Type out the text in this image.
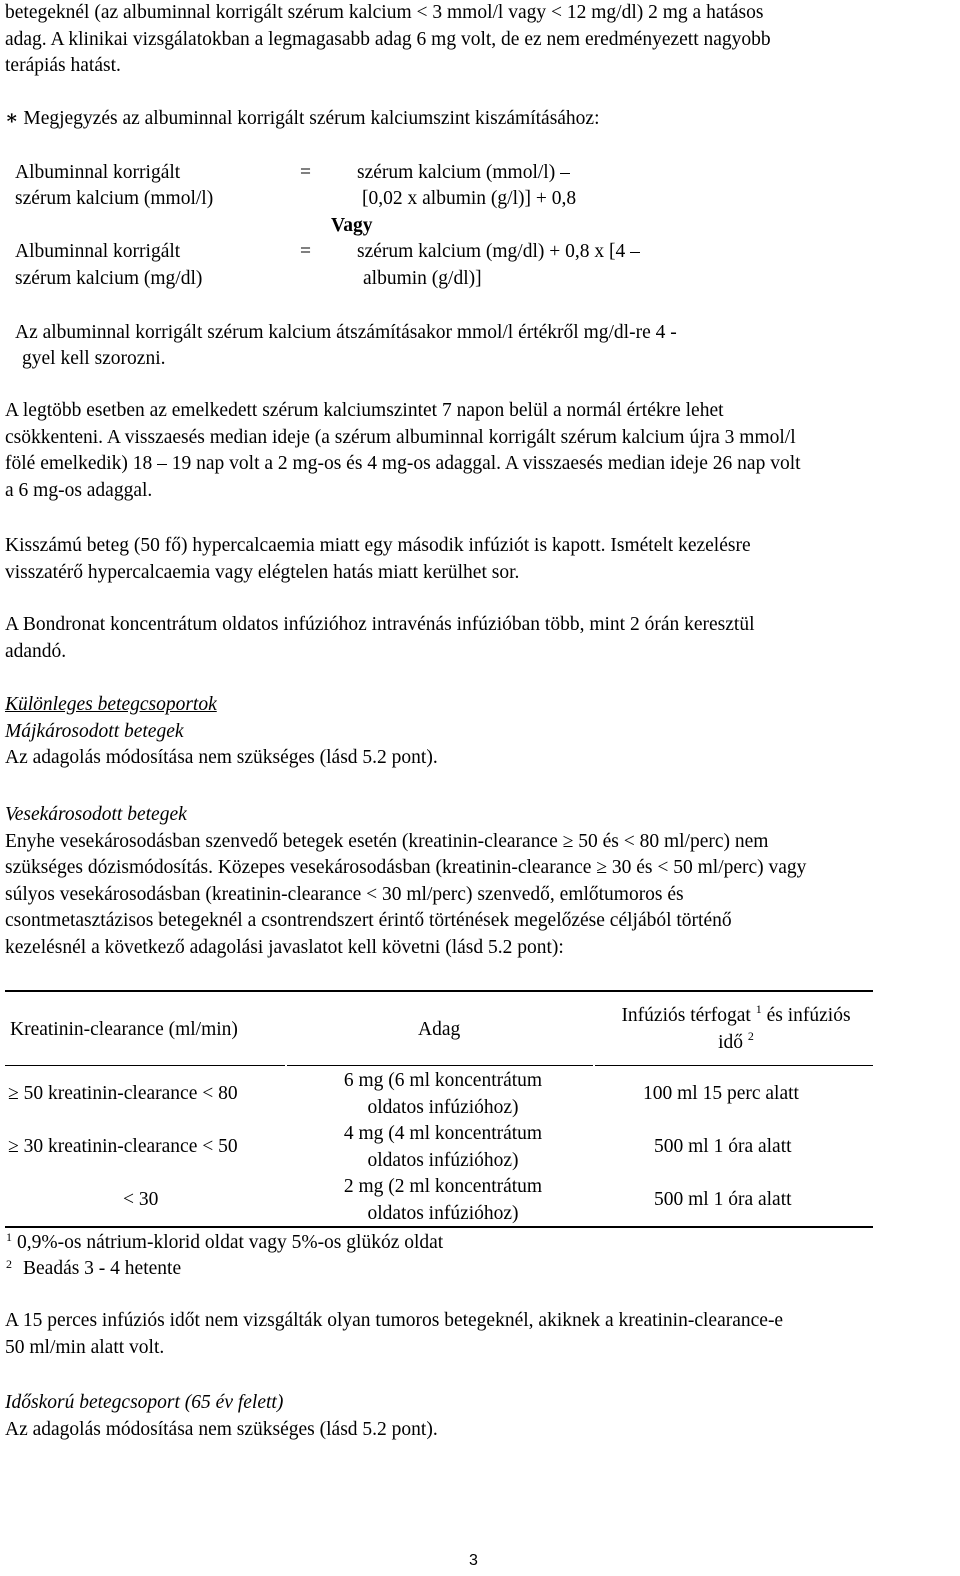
betegeknél (az albuminnal korrigált szérum kalcium < 3 mmol/l vagy < 12 mg/dl) 2 mg a hatásos
adag. A klinikai vizsgálatokban a legmagasabb adag 6 mg volt, de ez nem eredményezett nagyobb
terápiás hatást.
∗ Megjegyzés az albuminnal korrigált szérum kalciumszint kiszámításához:
Albuminnal korrigált
szérum kalcium (mmol/l)
= szérum kalcium (mmol/l) –
[0,02 x albumin (g/l)] + 0,8
Vagy
Albuminnal korrigált
szérum kalcium (mg/dl)
= szérum kalcium (mg/dl) + 0,8 x [4 –
albumin (g/dl)]
Az albuminnal korrigált szérum kalcium átszámításakor mmol/l értékről mg/dl-re 4 -
gyel kell szorozni.
A legtöbb esetben az emelkedett szérum kalciumszintet 7 napon belül a normál értékre lehet
csökkenteni. A visszaesés median ideje (a szérum albuminnal korrigált szérum kalcium újra 3 mmol/l
fölé emelkedik) 18 – 19 nap volt a 2 mg-os és 4 mg-os adaggal. A visszaesés median ideje 26 nap volt
a 6 mg-os adaggal.
Kisszámú beteg (50 fő) hypercalcaemia miatt egy második infúziót is kapott. Ismételt kezelésre
visszatérő hypercalcaemia vagy elégtelen hatás miatt kerülhet sor.
A Bondronat koncentrátum oldatos infúzióhoz intravénás infúzióban több, mint 2 órán keresztül
adandó.
Különleges betegcsoportok
Májkárosodott betegek
Az adagolás módosítása nem szükséges (lásd 5.2 pont).
Vesekárosodott betegek
Enyhe vesekárosodásban szenvedő betegek esetén (kreatinin-clearance ≥ 50 és < 80 ml/perc) nem
szükséges dózismódosítás. Közepes vesekárosodásban (kreatinin-clearance ≥ 30 és < 50 ml/perc) vagy
súlyos vesekárosodásban (kreatinin-clearance < 30 ml/perc) szenvedő, emlőtumoros és
csontmetasztázisos betegeknél a csontrendszert érintő történések megelőzése céljából történő
kezelésnél a következő adagolási javaslatot kell követni (lásd 5.2 pont):
Kreatinin-clearance (ml/min)	Adag
Infúziós térfogat $^1$ és infúziós
idő $^2$
≥ 50 kreatinin-clearance < 80
6 mg (6 ml koncentrátum
oldatos infúzióhoz)
100 ml 15 perc alatt
≥ 30 kreatinin-clearance < 50
4 mg (4 ml koncentrátum
oldatos infúzióhoz)
500 ml 1 óra alatt
< 30
2 mg (2 ml koncentrátum
oldatos infúzióhoz)
500 ml 1 óra alatt
1 0,9%-os nátrium-klorid oldat vagy 5%-os glükóz oldat
2 Beadás 3 - 4 hetente
A 15 perces infúziós időt nem vizsgálták olyan tumoros betegeknél, akiknek a kreatinin-clearance-e
50 ml/min alatt volt.
Időskorú betegcsoport (65 év felett)
Az adagolás módosítása nem szükséges (lásd 5.2 pont).
3
